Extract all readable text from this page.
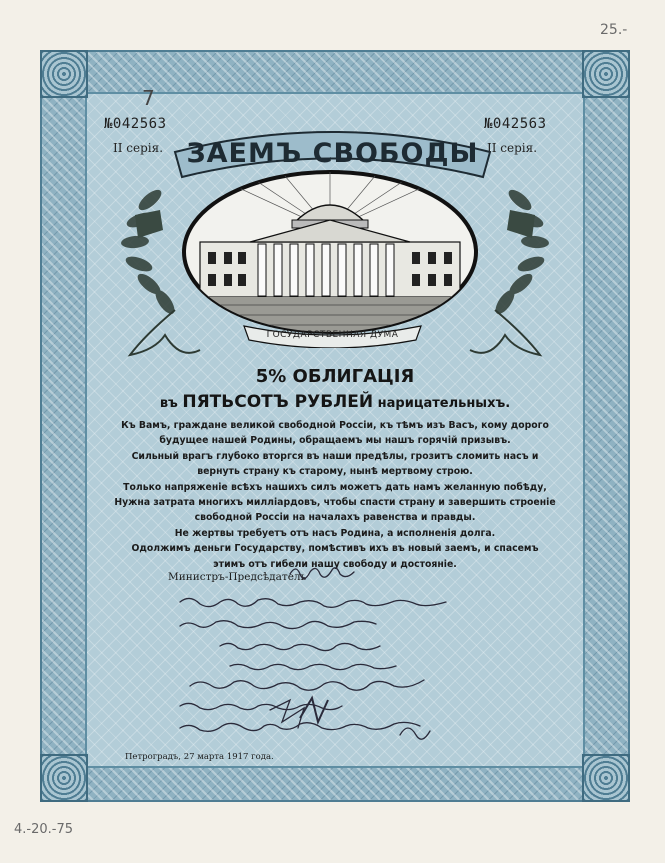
25.-
7
4.-20.-75
№042563	№042563
II серія.	II серія.
ЗАЕМЪ СВОБОДЫ
ГОСУДАРСТВЕННАЯ ДУМА
5% ОБЛИГАЦІЯ
въ ПЯТЬСОТЪ РУБЛЕЙ нарицательныхъ.
Къ Вамъ, граждане великой свободной Россіи, къ тѣмъ изъ Васъ, кому дорого
будущее нашей Родины, обращаемъ мы нашъ горячій призывъ.
Сильный врагъ глубоко вторгся въ наши предѣлы, грозитъ сломить насъ и
вернуть страну къ старому, нынѣ мертвому строю.
Только напряженіе всѣхъ нашихъ силъ можетъ дать намъ желанную побѣду,
Нужна затрата многихъ милліардовъ, чтобы спасти страну и завершить строеніе
свободной Россіи на началахъ равенства и правды.
Не жертвы требуетъ отъ насъ Родина, а исполненія долга.
Одолжимъ деньги Государству, помѣстивъ ихъ въ новый заемъ, и спасемъ
этимъ отъ гибели нашу свободу и достояніе.
Министръ-Предсѣдатель
Петроградъ, 27 марта 1917 года.
